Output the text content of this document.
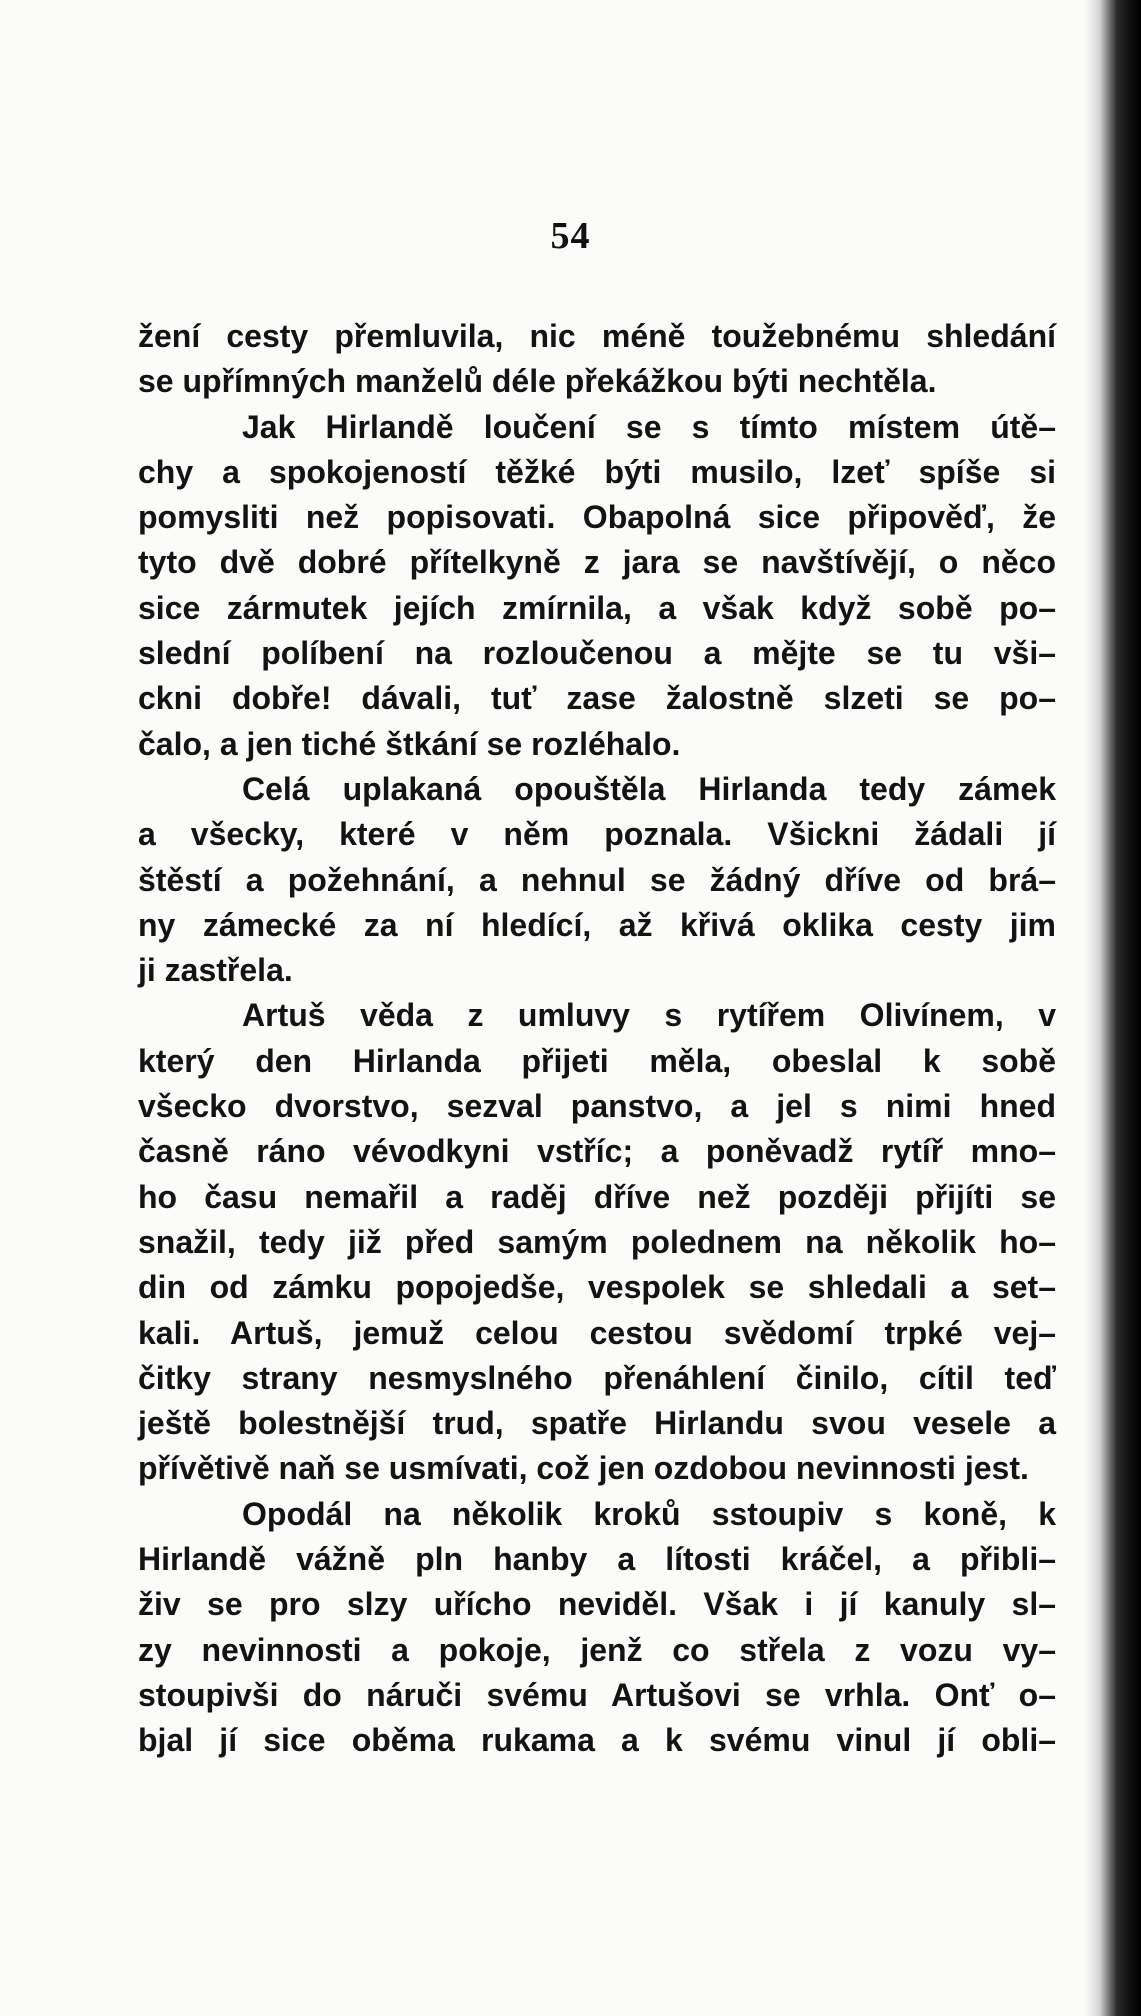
54
žení cesty přemluvila, nic méně toužebnému shledání
se upřímných manželů déle překážkou býti nechtěla.
Jak Hirlandě loučení se s tímto místem útě–
chy a spokojeností těžké býti musilo, lzeť spíše si
pomysliti než popisovati. Obapolná sice připověď, že
tyto dvě dobré přítelkyně z jara se navštívějí, o něco
sice zármutek jejích zmírnila, a však když sobě po–
slední políbení na rozloučenou a mějte se tu vši–
ckni dobře! dávali, tuť zase žalostně slzeti se po–
čalo, a jen tiché štkání se rozléhalo.
Celá uplakaná opouštěla Hirlanda tedy zámek
a všecky, které v něm poznala. Všickni žádali jí
štěstí a požehnání, a nehnul se žádný dříve od brá–
ny zámecké za ní hledící, až křivá oklika cesty jim
ji zastřela.
Artuš věda z umluvy s rytířem Olivínem, v
který den Hirlanda přijeti měla, obeslal k sobě
všecko dvorstvo, sezval panstvo, a jel s nimi hned
časně ráno vévodkyni vstříc; a poněvadž rytíř mno–
ho času nemařil a raděj dříve než později přijíti se
snažil, tedy již před samým polednem na několik ho–
din od zámku popojedše, vespolek se shledali a set–
kali. Artuš, jemuž celou cestou svědomí trpké vej–
čitky strany nesmyslného přenáhlení činilo, cítil teď
ještě bolestnější trud, spatře Hirlandu svou vesele a
přívětivě naň se usmívati, což jen ozdobou nevinnosti jest.
Opodál na několik kroků sstoupiv s koně, k
Hirlandě vážně pln hanby a lítosti kráčel, a přibli–
živ se pro slzy uřícho neviděl. Však i jí kanuly sl–
zy nevinnosti a pokoje, jenž co střela z vozu vy–
stoupivši do náruči svému Artušovi se vrhla. Onť o–
bjal jí sice oběma rukama a k svému vinul jí obli–
